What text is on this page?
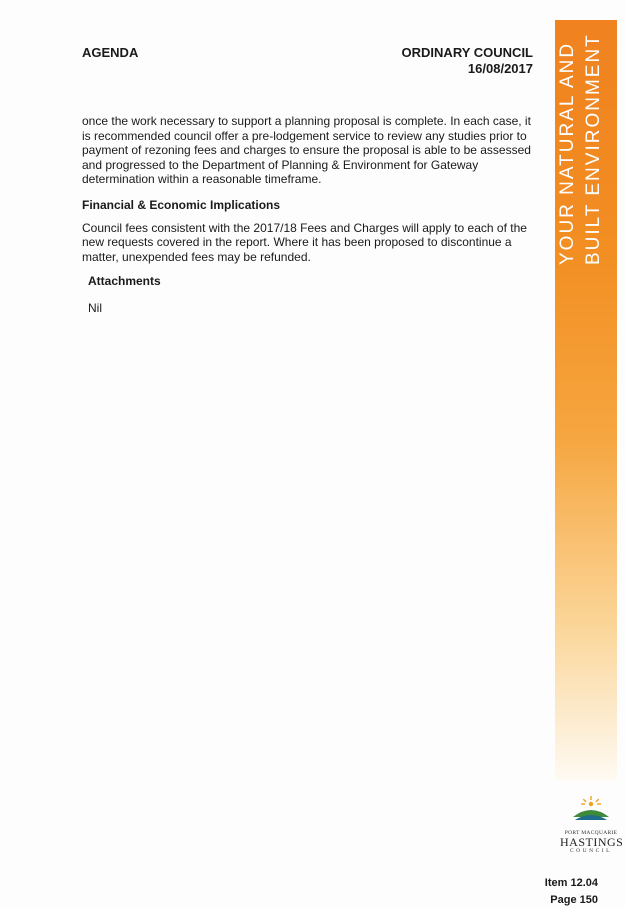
AGENDA	ORDINARY COUNCIL
16/08/2017

once the work necessary to support a planning proposal is complete. In each case, it is recommended council offer a pre-lodgement service to review any studies prior to payment of rezoning fees and charges to ensure the proposal is able to be assessed and progressed to the Department of Planning & Environment for Gateway determination within a reasonable timeframe.

Financial & Economic Implications

Council fees consistent with the 2017/18 Fees and Charges will apply to each of the new requests covered in the report. Where it has been proposed to discontinue a matter, unexpended fees may be refunded.

Attachments

Nil

YOUR NATURAL AND BUILT ENVIRONMENT
PORT MACQUARIE
HASTINGS
COUNCIL
Item 12.04
Page 150
